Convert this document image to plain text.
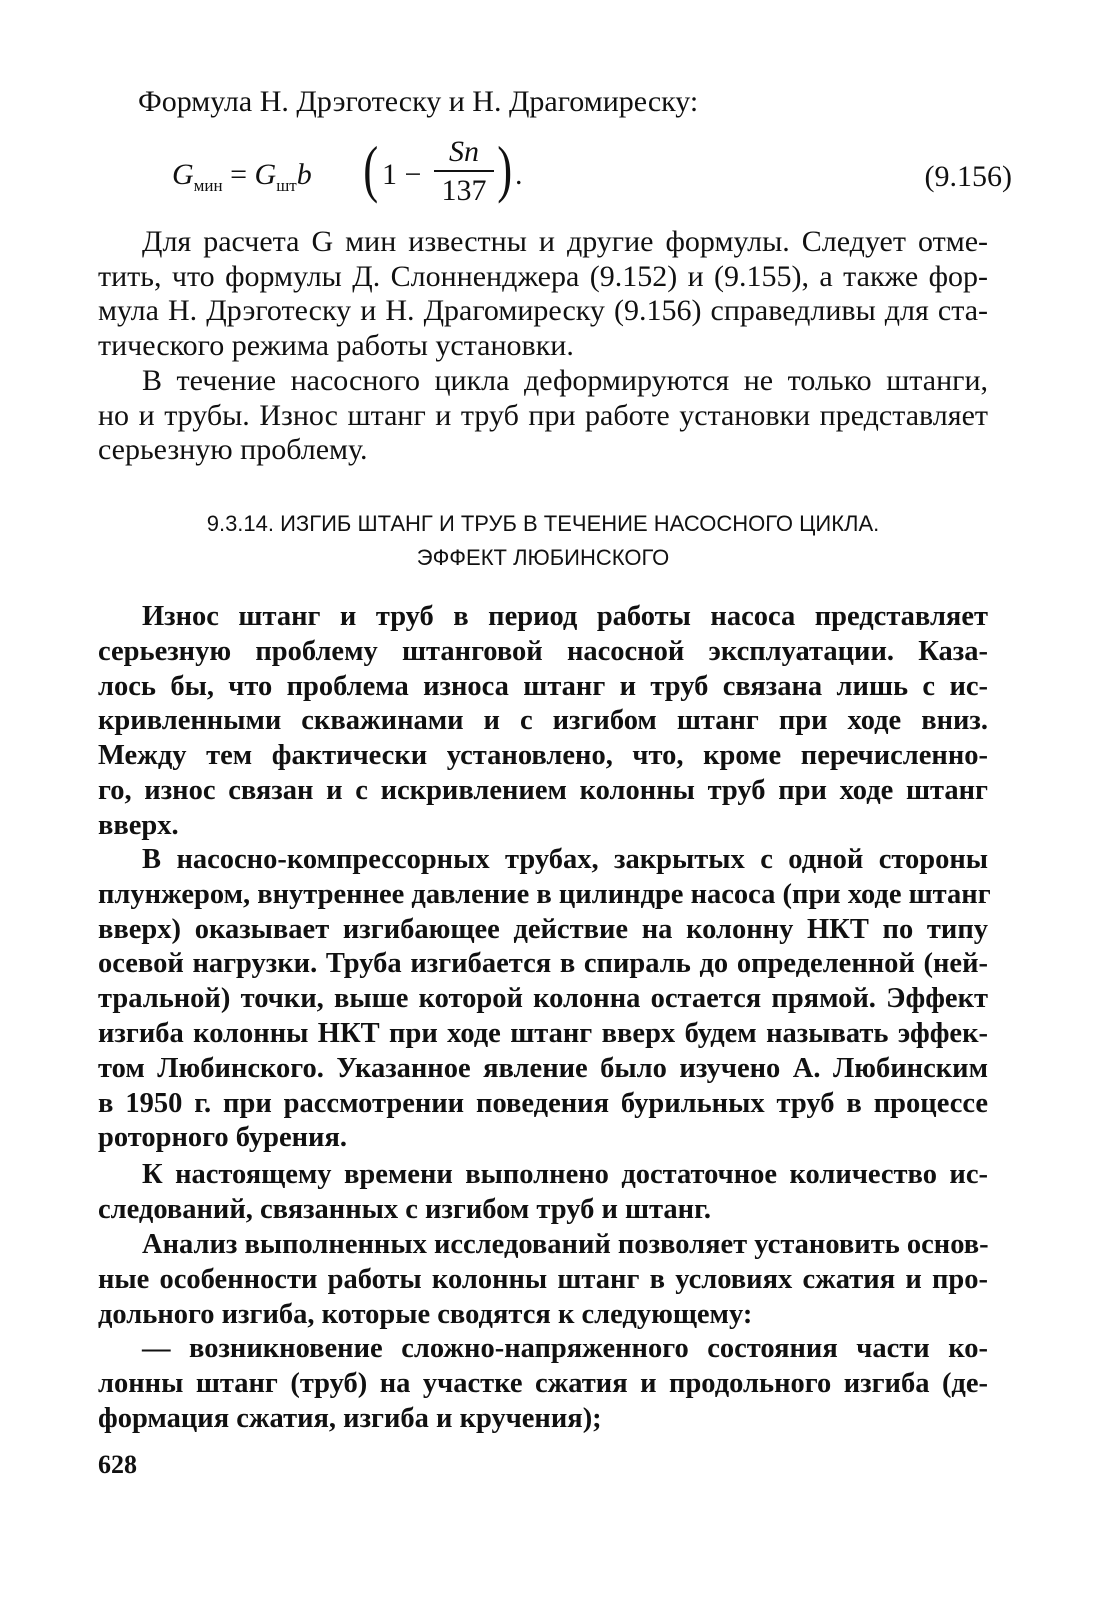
Формула Н. Дрэготеску и Н. Драгомиреску:
$G_{мин} = G_{шт}b$ ( $1 - \frac{Sn}{137}$ ) .	(9.156)
Для расчета G мин известны и другие формулы. Следует отме-
тить, что формулы Д. Слонненджера (9.152) и (9.155), а также фор-
мула Н. Дрэготеску и Н. Драгомиреску (9.156) справедливы для ста-
тического режима работы установки.
В течение насосного цикла деформируются не только штанги,
но и трубы. Износ штанг и труб при работе установки представляет
серьезную проблему.
9.3.14. ИЗГИБ ШТАНГ И ТРУБ В ТЕЧЕНИЕ НАСОСНОГО ЦИКЛА.
ЭФФЕКТ ЛЮБИНСКОГО
Износ штанг и труб в период работы насоса представляет
серьезную проблему штанговой насосной эксплуатации. Каза-
лось бы, что проблема износа штанг и труб связана лишь с ис-
кривленными скважинами и с изгибом штанг при ходе вниз.
Между тем фактически установлено, что, кроме перечисленно-
го, износ связан и с искривлением колонны труб при ходе штанг
вверх.
В насосно-компрессорных трубах, закрытых с одной стороны
плунжером, внутреннее давление в цилиндре насоса (при ходе штанг
вверх) оказывает изгибающее действие на колонну НКТ по типу
осевой нагрузки. Труба изгибается в спираль до определенной (ней-
тральной) точки, выше которой колонна остается прямой. Эффект
изгиба колонны НКТ при ходе штанг вверх будем называть эффек-
том Любинского. Указанное явление было изучено А. Любинским
в 1950 г. при рассмотрении поведения бурильных труб в процессе
роторного бурения.
К настоящему времени выполнено достаточное количество ис-
следований, связанных с изгибом труб и штанг.
Анализ выполненных исследований позволяет установить основ-
ные особенности работы колонны штанг в условиях сжатия и про-
дольного изгиба, которые сводятся к следующему:
— возникновение сложно-напряженного состояния части ко-
лонны штанг (труб) на участке сжатия и продольного изгиба (де-
формация сжатия, изгиба и кручения);
628
